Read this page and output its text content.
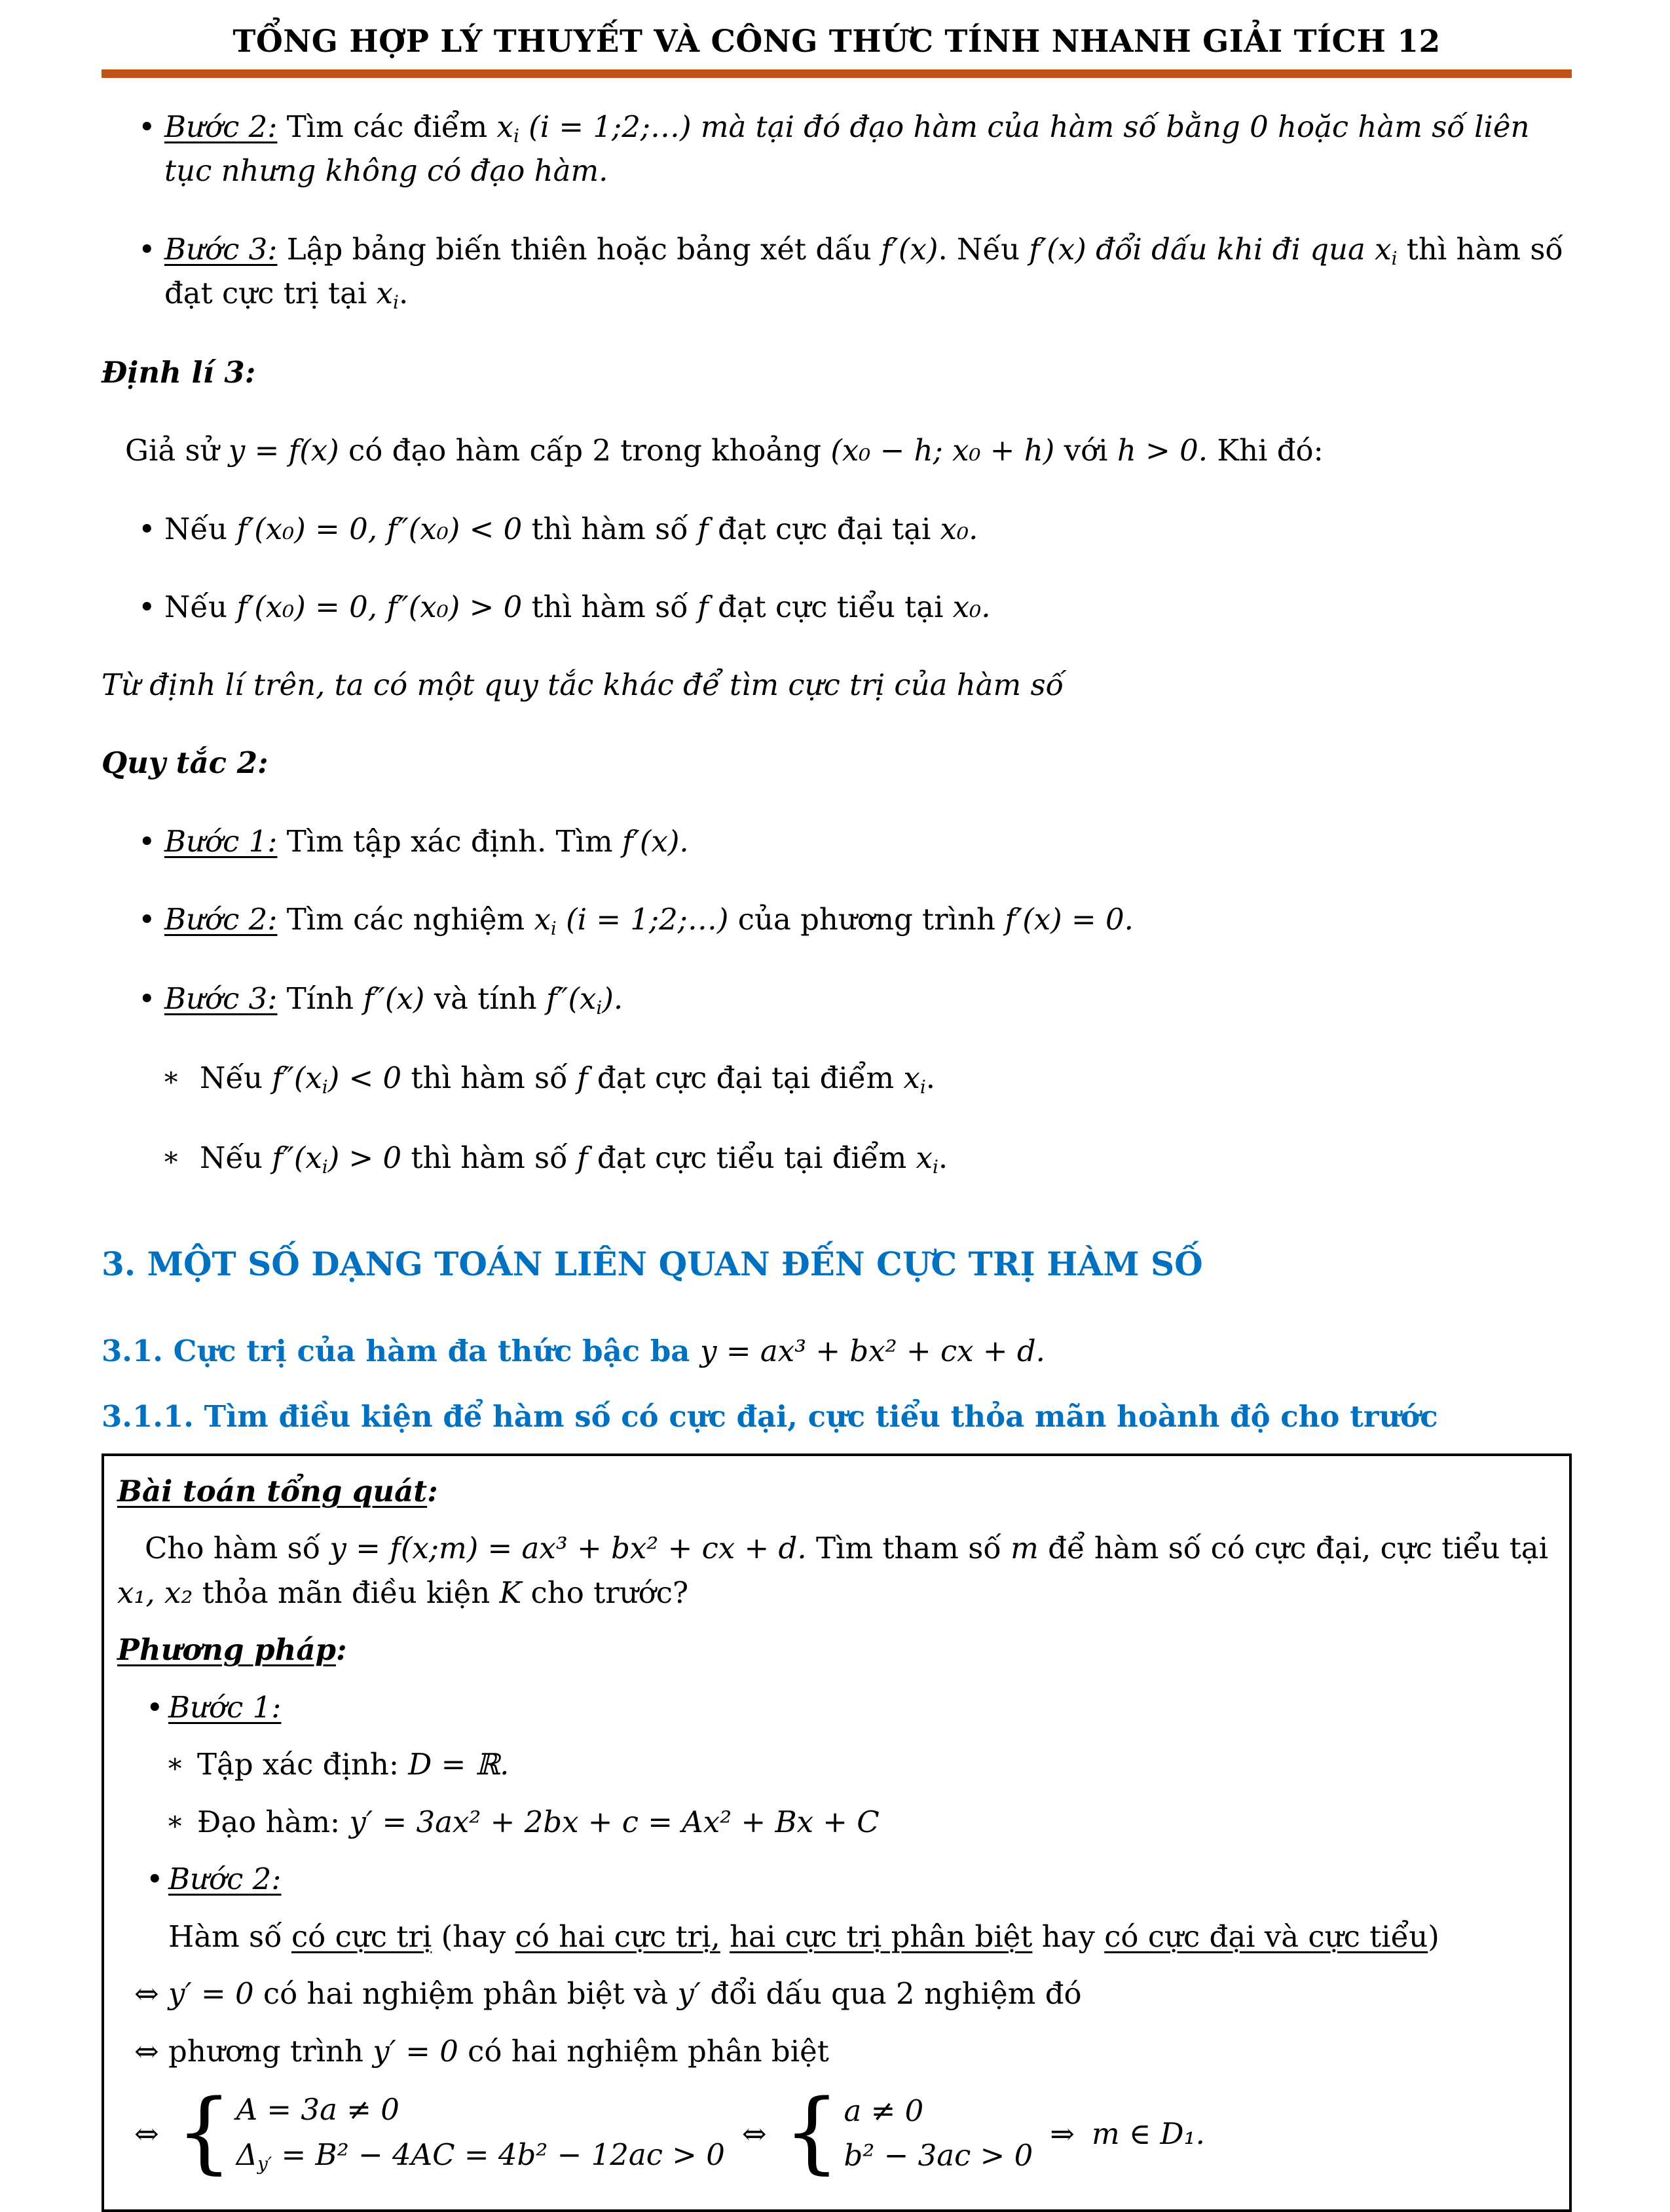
TỔNG HỢP LÝ THUYẾT VÀ CÔNG THỨC TÍNH NHANH GIẢI TÍCH 12
• Bước 2: Tìm các điểm $x_i$ (i = 1;2;…) mà tại đó đạo hàm của hàm số bằng 0 hoặc hàm số liên tục nhưng không có đạo hàm.
• Bước 3: Lập bảng biến thiên hoặc bảng xét dấu f′(x). Nếu f′(x) đổi dấu khi đi qua $x_i$ thì hàm số đạt cực trị tại $x_i$.
Định lí 3:
Giả sử y = f(x) có đạo hàm cấp 2 trong khoảng (x₀ − h; x₀ + h) với h > 0. Khi đó:
• Nếu f′(x₀) = 0, f″(x₀) < 0 thì hàm số f đạt cực đại tại x₀.
• Nếu f′(x₀) = 0, f″(x₀) > 0 thì hàm số f đạt cực tiểu tại x₀.
Từ định lí trên, ta có một quy tắc khác để tìm cực trị của hàm số
Quy tắc 2:
• Bước 1: Tìm tập xác định. Tìm f′(x).
• Bước 2: Tìm các nghiệm $x_i$ (i = 1;2;…) của phương trình f′(x) = 0.
• Bước 3: Tính f″(x) và tính $f''(x_i)$.
∗ Nếu $f''(x_i) < 0$ thì hàm số f đạt cực đại tại điểm $x_i$.
∗ Nếu $f''(x_i) > 0$ thì hàm số f đạt cực tiểu tại điểm $x_i$.
3. MỘT SỐ DẠNG TOÁN LIÊN QUAN ĐẾN CỰC TRỊ HÀM SỐ
3.1. Cực trị của hàm đa thức bậc ba y = ax³ + bx² + cx + d.
3.1.1. Tìm điều kiện để hàm số có cực đại, cực tiểu thỏa mãn hoành độ cho trước
Bài toán tổng quát:
Cho hàm số y = f(x;m) = ax³ + bx² + cx + d. Tìm tham số m để hàm số có cực đại, cực tiểu tại x₁, x₂ thỏa mãn điều kiện K cho trước?
Phương pháp:
• Bước 1:
∗ Tập xác định: D = ℝ.
∗ Đạo hàm: y′ = 3ax² + 2bx + c = Ax² + Bx + C
• Bước 2:
Hàm số có cực trị (hay có hai cực trị, hai cực trị phân biệt hay có cực đại và cực tiểu)
⇔ y′ = 0 có hai nghiệm phân biệt và y′ đổi dấu qua 2 nghiệm đó
⇔ phương trình y′ = 0 có hai nghiệm phân biệt
⇔ { A = 3a ≠ 0
$\Delta_{y'} = B^2 - 4AC = 4b^2 - 12ac > 0$
⇔ { a ≠ 0
b² − 3ac > 0
⇒ m ∈ D₁.
